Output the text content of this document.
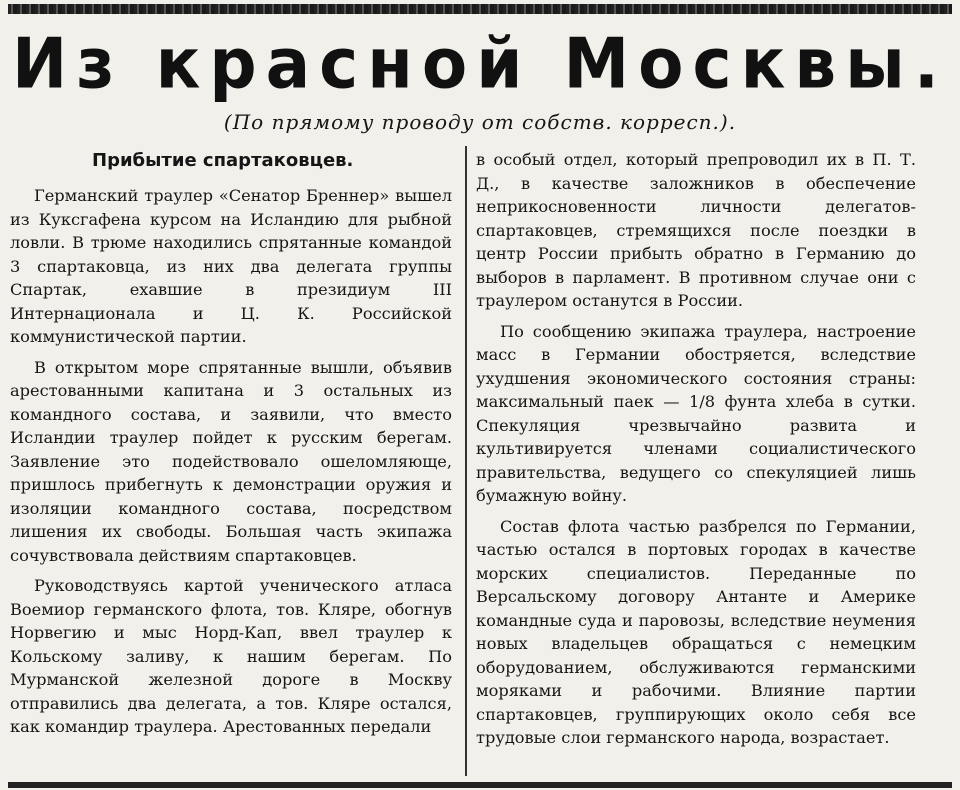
Из красной Москвы.
(По прямому проводу от собств. корресп.).
Прибытие спартаковцев.

Германский траулер «Сенатор Бреннер» вышел из Куксгафена курсом на Исландию для рыбной ловли. В трюме находились спрятанные командой 3 спартаковца, из них два делегата группы Спартак, ехавшие в президиум III Интернационала и Ц. К. Российской коммунистической партии.

В открытом море спрятанные вышли, объявив арестованными капитана и 3 остальных из командного состава, и заявили, что вместо Исландии траулер пойдет к русским берегам. Заявление это подействовало ошеломляюще, пришлось прибегнуть к демонстрации оружия и изоляции командного состава, посредством лишения их свободы. Большая часть экипажа сочувствовала действиям спартаковцев.

Руководствуясь картой ученического атласа Воемиор германского флота, тов. Кляре, обогнув Норвегию и мыс Норд-Кап, ввел траулер к Кольскому заливу, к нашим берегам. По Мурманской железной дороге в Москву отправились два делегата, а тов. Кляре остался, как командир траулера. Арестованных передали

в особый отдел, который препроводил их в П. Т. Д., в качестве заложников в обеспечение неприкосновенности личности делегатов-спартаковцев, стремящихся после поездки в центр России прибыть обратно в Германию до выборов в парламент. В противном случае они с траулером останутся в России.

По сообщению экипажа траулера, настроение масс в Германии обостряется, вследствие ухудшения экономического состояния страны: максимальный паек — 1/8 фунта хлеба в сутки. Спекуляция чрезвычайно развита и культивируется членами социалистического правительства, ведущего со спекуляцией лишь бумажную войну.

Состав флота частью разбрелся по Германии, частью остался в портовых городах в качестве морских специалистов. Переданные по Версальскому договору Антанте и Америке командные суда и паровозы, вследствие неумения новых владельцев обращаться с немецким оборудованием, обслуживаются германскими моряками и рабочими. Влияние партии спартаковцев, группирующих около себя все трудовые слои германского народа, возрастает.
